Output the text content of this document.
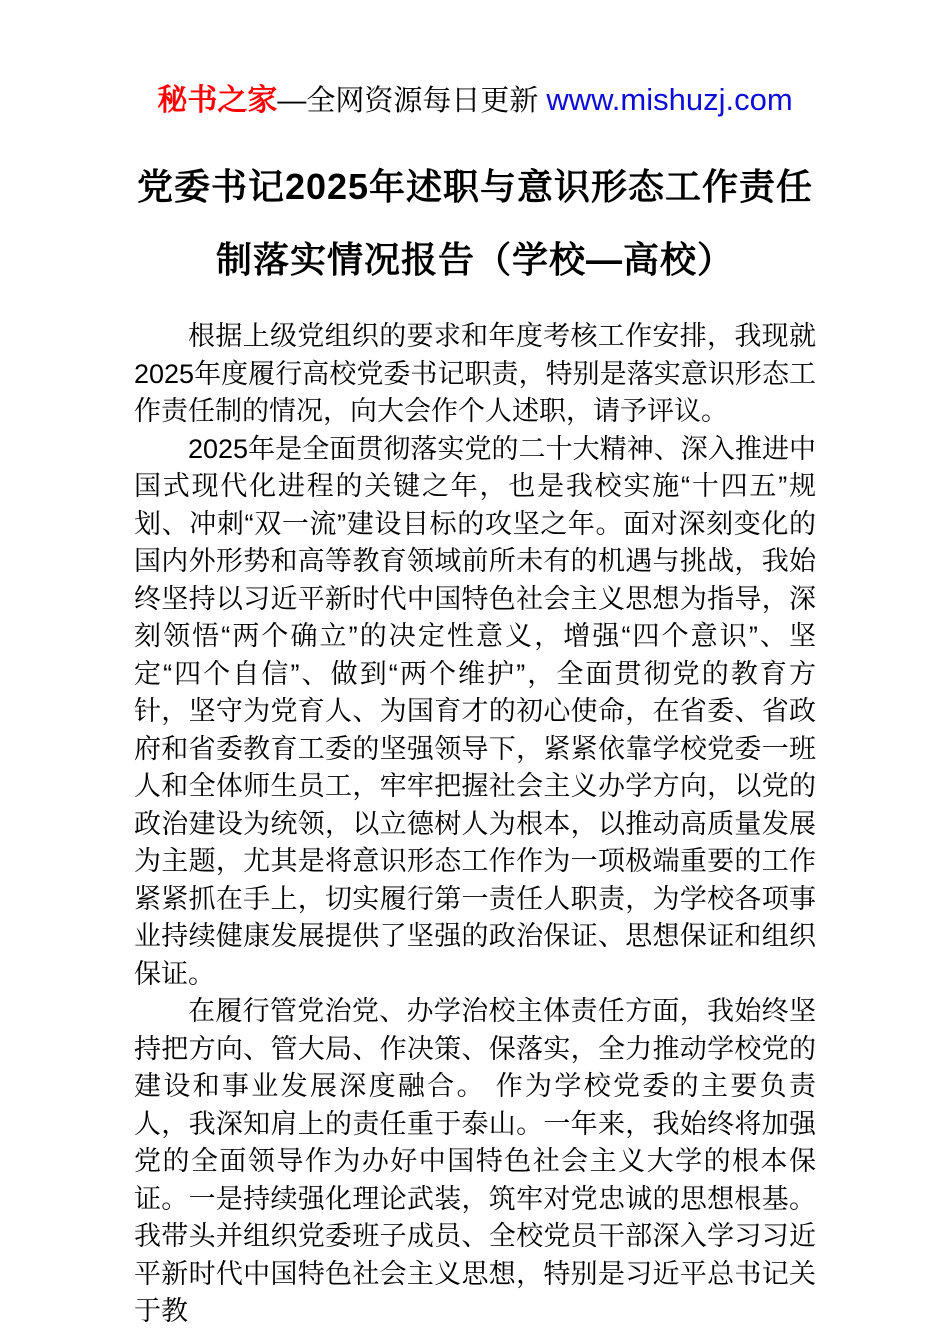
秘书之家—全网资源每日更新 www.mishuzj.com
党委书记2025年述职与意识形态工作责任
制落实情况报告（学校—高校）

根据上级党组织的要求和年度考核工作安排，我现就2025年度履行高校党委书记职责，特别是落实意识形态工作责任制的情况，向大会作个人述职，请予评议。

2025年是全面贯彻落实党的二十大精神、深入推进中国式现代化进程的关键之年，也是我校实施“十四五”规划、冲刺“双一流”建设目标的攻坚之年。面对深刻变化的国内外形势和高等教育领域前所未有的机遇与挑战，我始终坚持以习近平新时代中国特色社会主义思想为指导，深刻领悟“两个确立”的决定性意义，增强“四个意识”、坚定“四个自信”、做到“两个维护”，全面贯彻党的教育方针，坚守为党育人、为国育才的初心使命，在省委、省政府和省委教育工委的坚强领导下，紧紧依靠学校党委一班人和全体师生员工，牢牢把握社会主义办学方向，以党的政治建设为统领，以立德树人为根本，以推动高质量发展为主题，尤其是将意识形态工作作为一项极端重要的工作紧紧抓在手上，切实履行第一责任人职责，为学校各项事业持续健康发展提供了坚强的政治保证、思想保证和组织保证。

在履行管党治党、办学治校主体责任方面，我始终坚持把方向、管大局、作决策、保落实，全力推动学校党的建设和事业发展深度融合。 作为学校党委的主要负责人，我深知肩上的责任重于泰山。一年来，我始终将加强党的全面领导作为办好中国特色社会主义大学的根本保证。一是持续强化理论武装，筑牢对党忠诚的思想根基。我带头并组织党委班子成员、全校党员干部深入学习习近平新时代中国特色社会主义思想，特别是习近平总书记关于教
